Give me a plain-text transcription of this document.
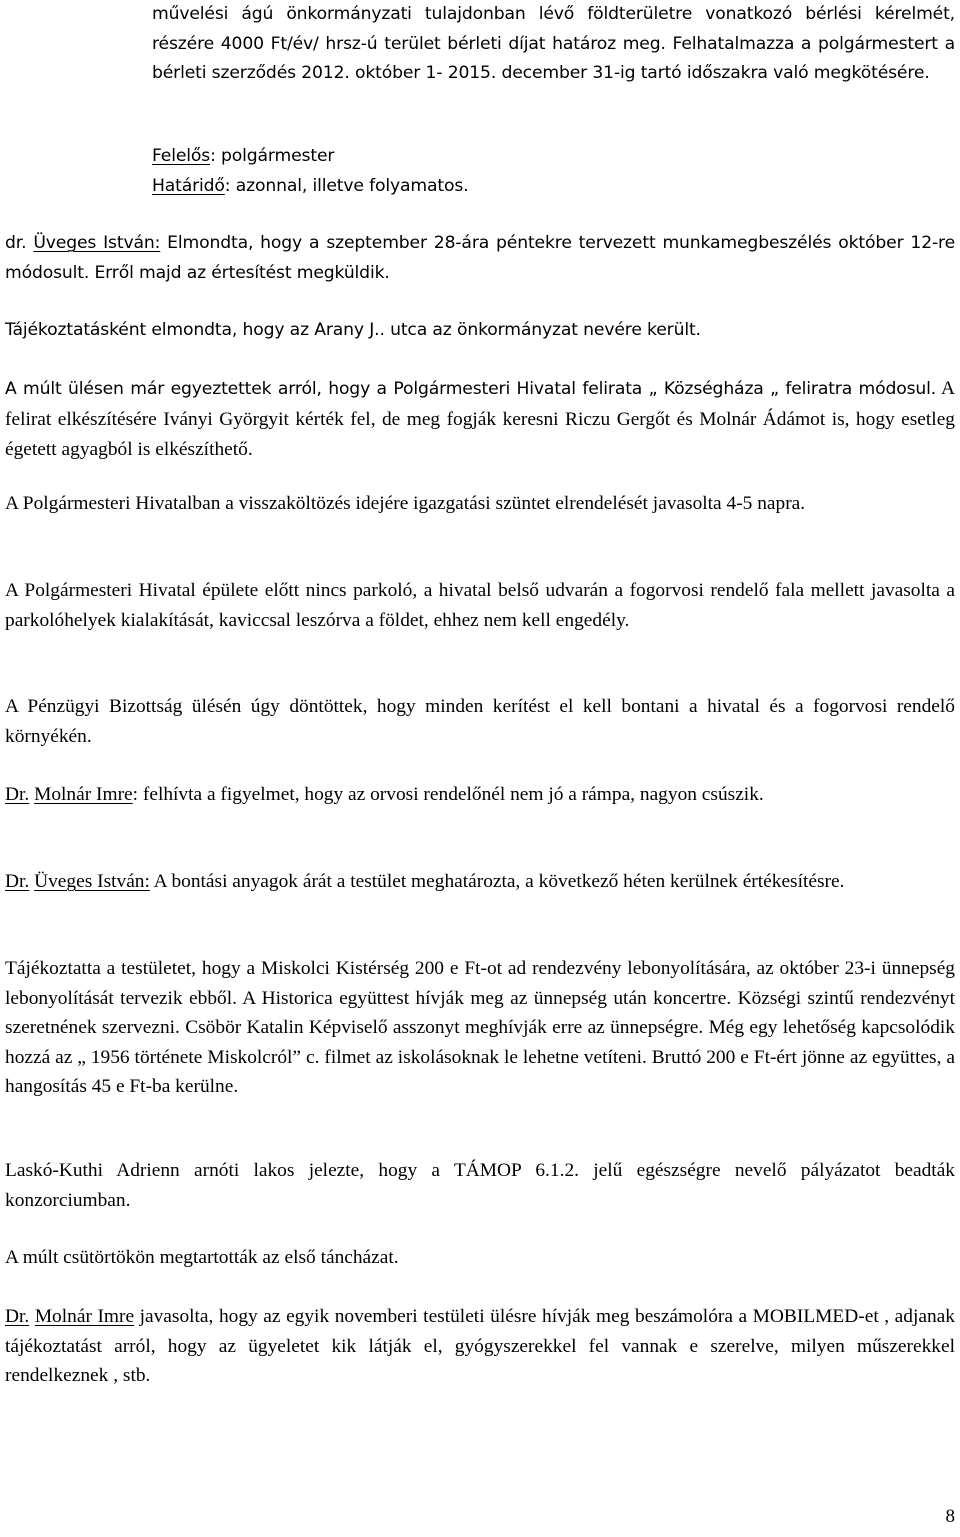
művelési ágú önkormányzati tulajdonban lévő földterületre vonatkozó bérlési kérelmét, részére 4000 Ft/év/ hrsz-ú terület bérleti díjat határoz meg. Felhatalmazza a polgármestert a bérleti szerződés 2012. október 1- 2015. december 31-ig tartó időszakra való megkötésére.

Felelős: polgármester
Határidő: azonnal, illetve folyamatos.

dr. Üveges István: Elmondta, hogy a szeptember 28-ára péntekre tervezett munkamegbeszélés október 12-re módosult. Erről majd az értesítést megküldik.

Tájékoztatásként elmondta, hogy az Arany J.. utca az önkormányzat nevére került.

A múlt ülésen már egyeztettek arról, hogy a Polgármesteri Hivatal felirata „ Községháza „ feliratra módosul. A felirat elkészítésére Iványi Györgyit kérték fel, de meg fogják keresni Riczu Gergőt és Molnár Ádámot is, hogy esetleg égetett agyagból is elkészíthető.

A Polgármesteri Hivatalban a visszaköltözés idejére igazgatási szüntet elrendelését javasolta 4-5 napra.

A Polgármesteri Hivatal épülete előtt nincs parkoló, a hivatal belső udvarán a fogorvosi rendelő fala mellett javasolta a parkolóhelyek kialakítását, kaviccsal leszórva a földet, ehhez nem kell engedély.

A Pénzügyi Bizottság ülésén úgy döntöttek, hogy minden kerítést el kell bontani a hivatal és a fogorvosi rendelő környékén.

Dr. Molnár Imre: felhívta a figyelmet, hogy az orvosi rendelőnél nem jó a rámpa, nagyon csúszik.

Dr. Üveges István: A bontási anyagok árát a testület meghatározta, a következő héten kerülnek értékesítésre.

Tájékoztatta a testületet, hogy a Miskolci Kistérség 200 e Ft-ot ad rendezvény lebonyolítására, az október 23-i ünnepség lebonyolítását tervezik ebből. A Historica együttest hívják meg az ünnepség után koncertre. Községi szintű rendezvényt szeretnének szervezni. Csöbör Katalin Képviselő asszonyt meghívják erre az ünnepségre. Még egy lehetőség kapcsolódik hozzá az „ 1956 története Miskolcról” c. filmet az iskolásoknak le lehetne vetíteni. Bruttó 200 e Ft-ért jönne az együttes, a hangosítás 45 e Ft-ba kerülne.

Laskó-Kuthi Adrienn arnóti lakos jelezte, hogy a TÁMOP 6.1.2. jelű egészségre nevelő pályázatot beadták konzorciumban.

A múlt csütörtökön megtartották az első táncházat.

Dr. Molnár Imre javasolta, hogy az egyik novemberi testületi ülésre hívják meg beszámolóra a MOBILMED-et , adjanak tájékoztatást arról, hogy az ügyeletet kik látják el, gyógyszerekkel fel vannak e szerelve, milyen műszerekkel rendelkeznek , stb.

8
